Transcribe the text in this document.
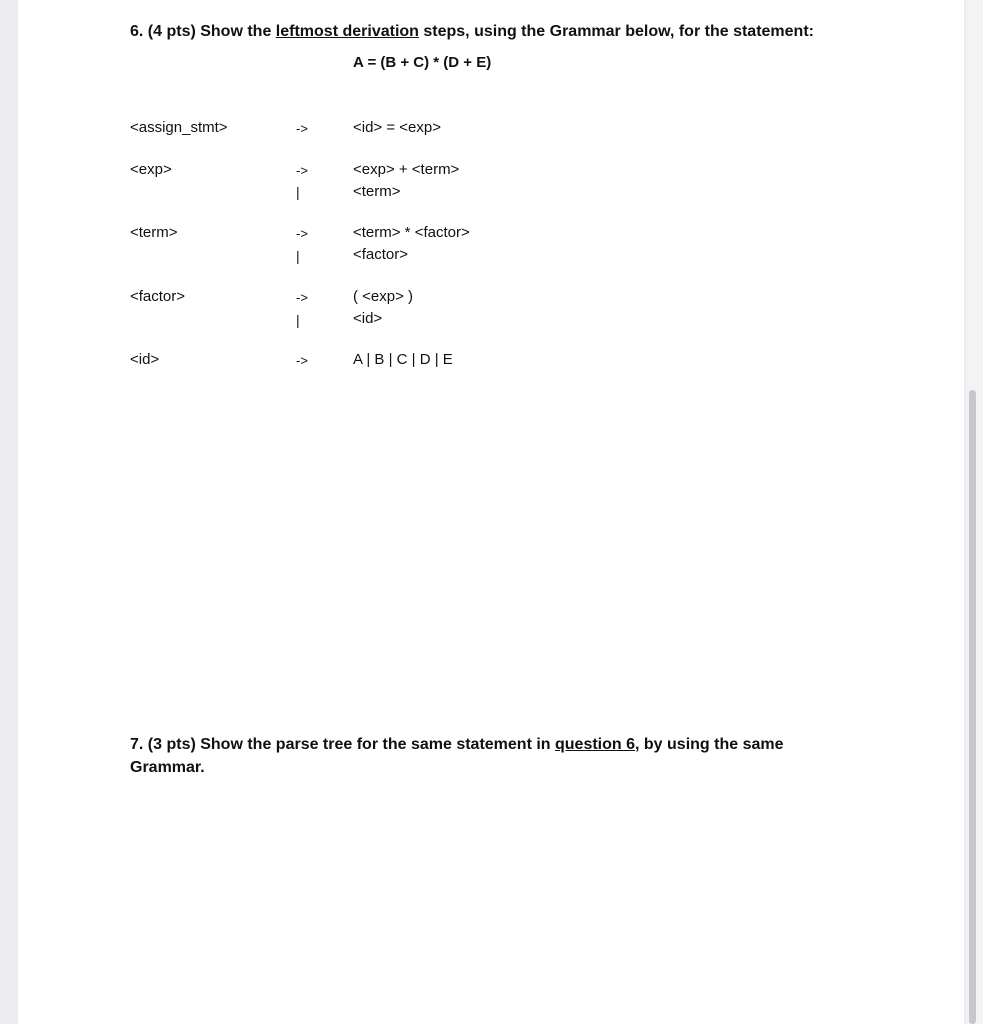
6. (4 pts) Show the leftmost derivation steps, using the Grammar below, for the statement:
A = (B + C) * (D + E)
<assign_stmt>	->	<id> = <exp>
<exp>	->	<exp> + <term>
|	<term>
<term>	->	<term> * <factor>
|	<factor>
<factor>	->	( <exp> )
|	<id>
<id>	->	A | B | C | D | E
7. (3 pts) Show the parse tree for the same statement in question 6, by using the same
Grammar.
